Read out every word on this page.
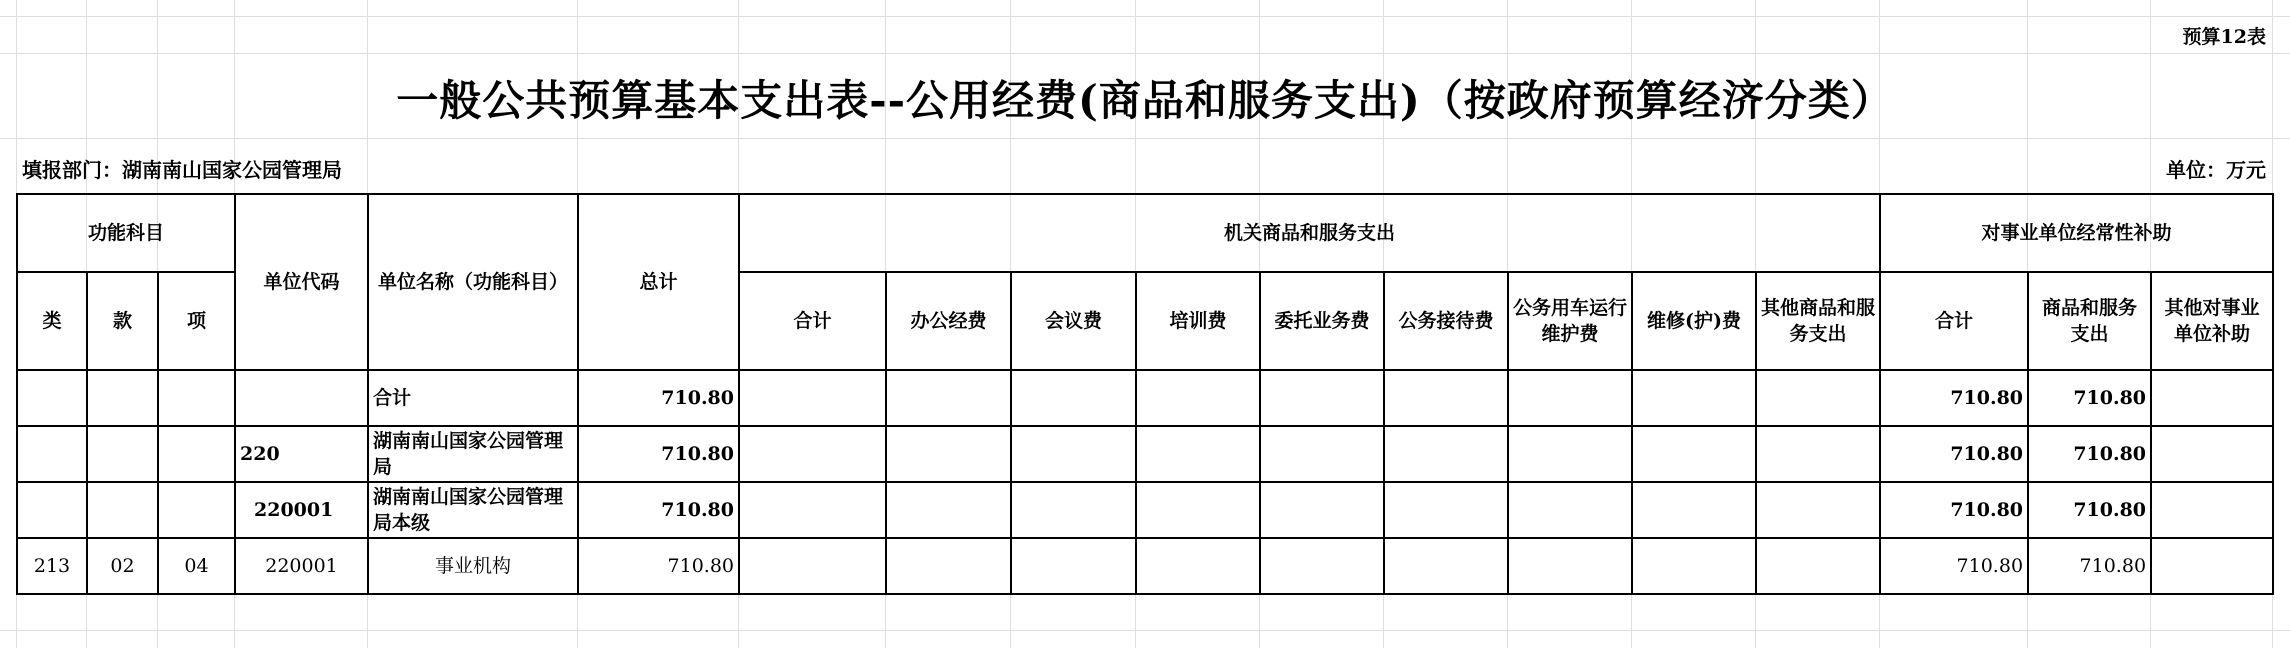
预算12表
一般公共预算基本支出表--公用经费(商品和服务支出)（按政府预算经济分类）
填报部门：湖南南山国家公园管理局	单位：万元
功能科目			单位代码	单位名称（功能科目）	总计	机关商品和服务支出									对事业单位经常性补助		
类	款	项				合计	办公经费	会议费	培训费	委托业务费	公务接待费	公务用车运行维护费	维修(护)费	其他商品和服务支出	合计	商品和服务支出	其他对事业单位补助
				合计	710.80										710.80	710.80	
			220	湖南南山国家公园管理局	710.80										710.80	710.80	
			220001	湖南南山国家公园管理局本级	710.80										710.80	710.80	
213	02	04	220001	事业机构	710.80										710.80	710.80	
